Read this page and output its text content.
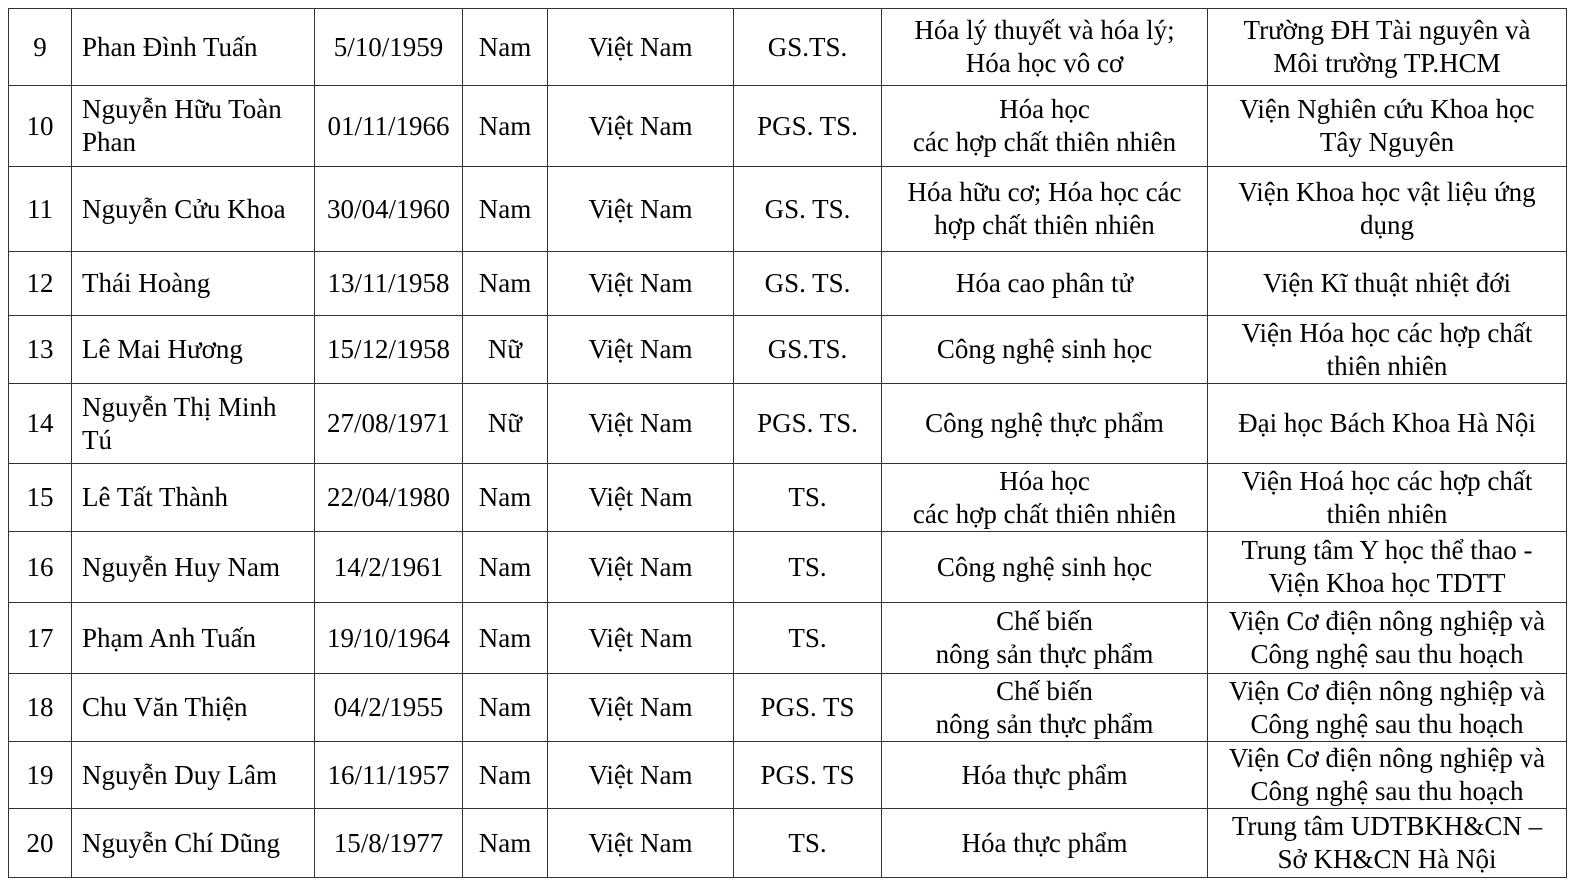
9	Phan Đình Tuấn	5/10/1959	Nam	Việt Nam	GS.TS.	Hóa lý thuyết và hóa lý;
Hóa học vô cơ	Trường ĐH Tài nguyên và
Môi trường TP.HCM

10	Nguyễn Hữu Toàn
Phan	01/11/1966	Nam	Việt Nam	PGS. TS.	Hóa học
các hợp chất thiên nhiên	Viện Nghiên cứu Khoa học
Tây Nguyên

11	Nguyễn Cửu Khoa	30/04/1960	Nam	Việt Nam	GS. TS.	Hóa hữu cơ; Hóa học các
hợp chất thiên nhiên	Viện Khoa học vật liệu ứng
dụng

12	Thái Hoàng	13/11/1958	Nam	Việt Nam	GS. TS.	Hóa cao phân tử	Viện Kĩ thuật nhiệt đới

13	Lê Mai Hương	15/12/1958	Nữ	Việt Nam	GS.TS.	Công nghệ sinh học	Viện Hóa học các hợp chất
thiên nhiên

14	Nguyễn Thị Minh
Tú	27/08/1971	Nữ	Việt Nam	PGS. TS.	Công nghệ thực phẩm	Đại học Bách Khoa Hà Nội

15	Lê Tất Thành	22/04/1980	Nam	Việt Nam	TS.	Hóa học
các hợp chất thiên nhiên	Viện Hoá học các hợp chất
thiên nhiên

16	Nguyễn Huy Nam	14/2/1961	Nam	Việt Nam	TS.	Công nghệ sinh học	Trung tâm Y học thể thao -
Viện Khoa học TDTT

17	Phạm Anh Tuấn	19/10/1964	Nam	Việt Nam	TS.	Chế biến
nông sản thực phẩm	Viện Cơ điện nông nghiệp và
Công nghệ sau thu hoạch

18	Chu Văn Thiện	04/2/1955	Nam	Việt Nam	PGS. TS	Chế biến
nông sản thực phẩm	Viện Cơ điện nông nghiệp và
Công nghệ sau thu hoạch

19	Nguyễn Duy Lâm	16/11/1957	Nam	Việt Nam	PGS. TS	Hóa thực phẩm	Viện Cơ điện nông nghiệp và
Công nghệ sau thu hoạch

20	Nguyễn Chí Dũng	15/8/1977	Nam	Việt Nam	TS.	Hóa thực phẩm	Trung tâm UDTBKH&CN –
Sở KH&CN Hà Nội
